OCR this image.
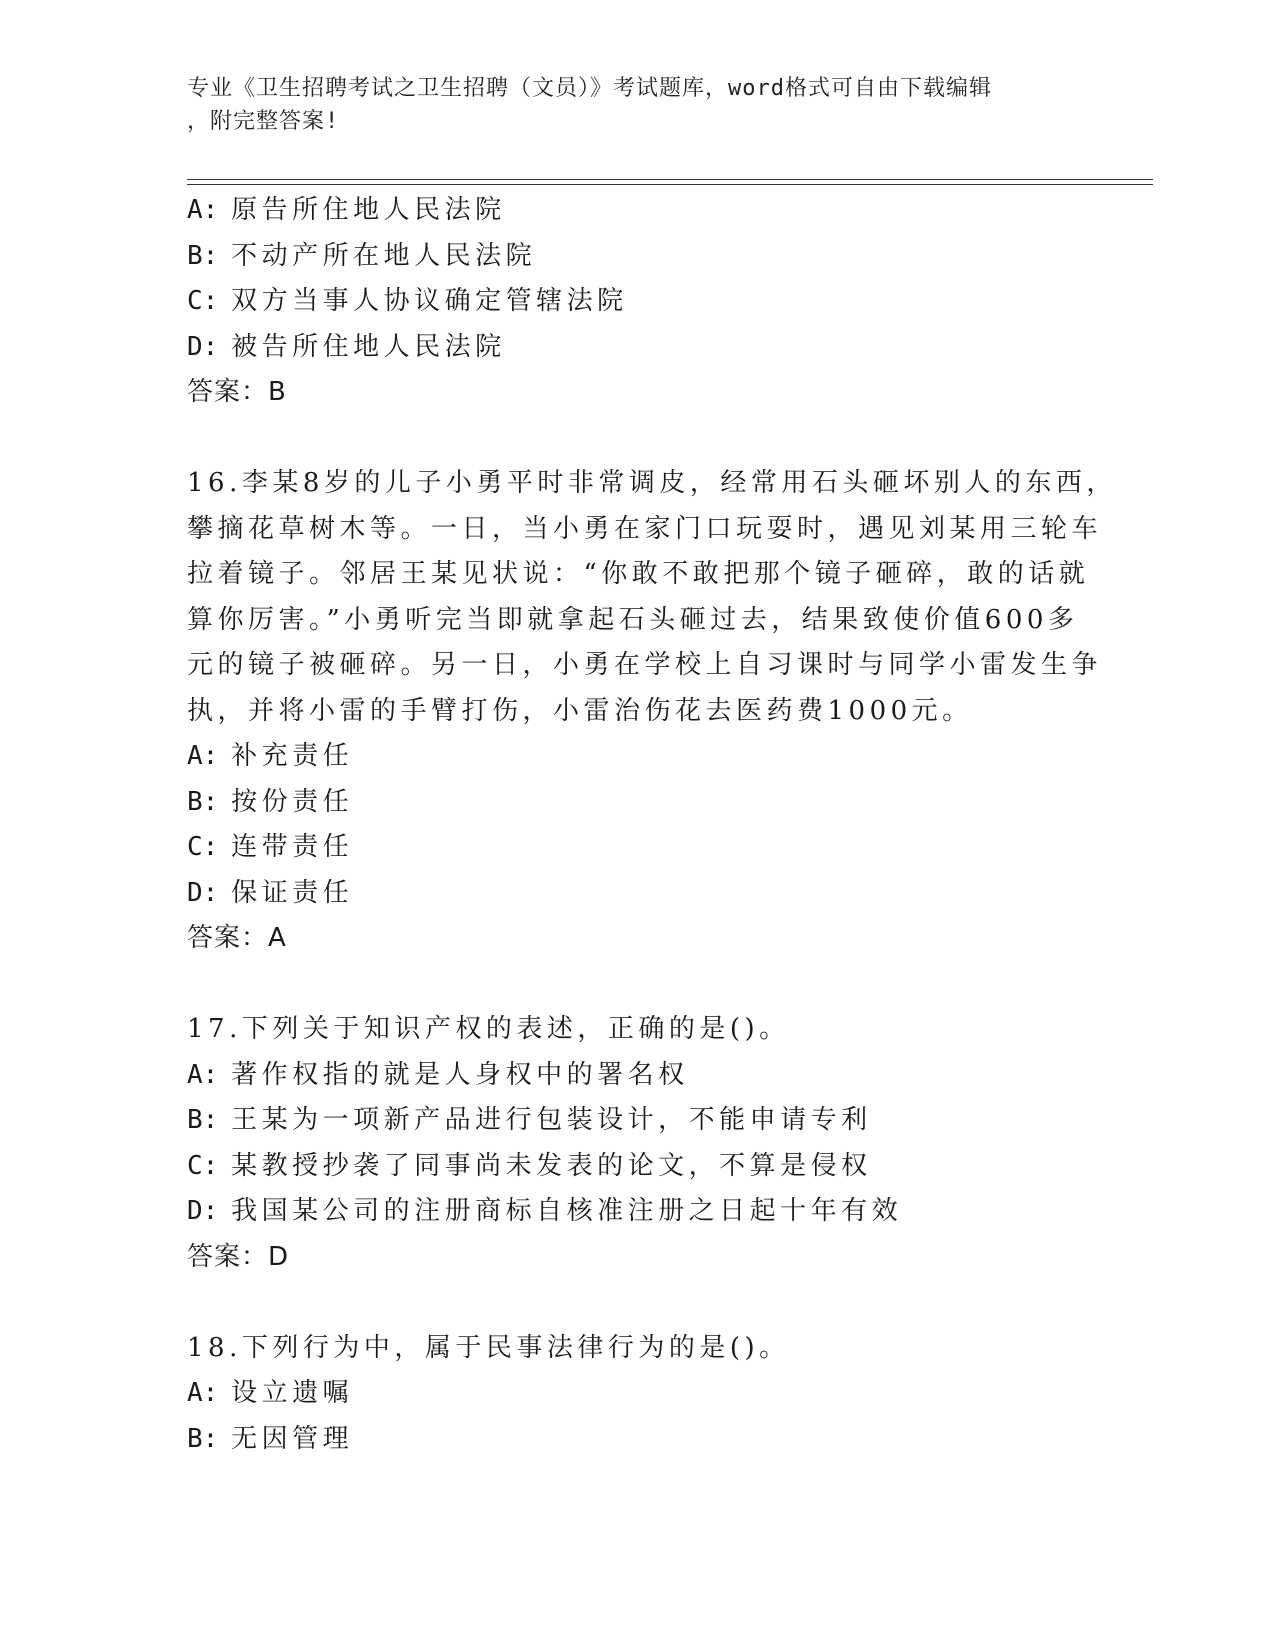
专业《卫生招聘考试之卫生招聘（文员）》考试题库，word格式可自由下载编辑
，附完整答案!
A: 原告所住地人民法院
B: 不动产所在地人民法院
C: 双方当事人协议确定管辖法院
D: 被告所住地人民法院
答案：B
16.李某8岁的儿子小勇平时非常调皮，经常用石头砸坏别人的东西，
攀摘花草树木等。一日，当小勇在家门口玩耍时，遇见刘某用三轮车
拉着镜子。邻居王某见状说：“你敢不敢把那个镜子砸碎，敢的话就
算你厉害。”小勇听完当即就拿起石头砸过去，结果致使价值600多
元的镜子被砸碎。另一日，小勇在学校上自习课时与同学小雷发生争
执，并将小雷的手臂打伤，小雷治伤花去医药费1000元。
A: 补充责任
B: 按份责任
C: 连带责任
D: 保证责任
答案：A
17.下列关于知识产权的表述，正确的是()。
A: 著作权指的就是人身权中的署名权
B: 王某为一项新产品进行包装设计，不能申请专利
C: 某教授抄袭了同事尚未发表的论文，不算是侵权
D: 我国某公司的注册商标自核准注册之日起十年有效
答案：D
18.下列行为中，属于民事法律行为的是()。
A: 设立遗嘱
B: 无因管理
